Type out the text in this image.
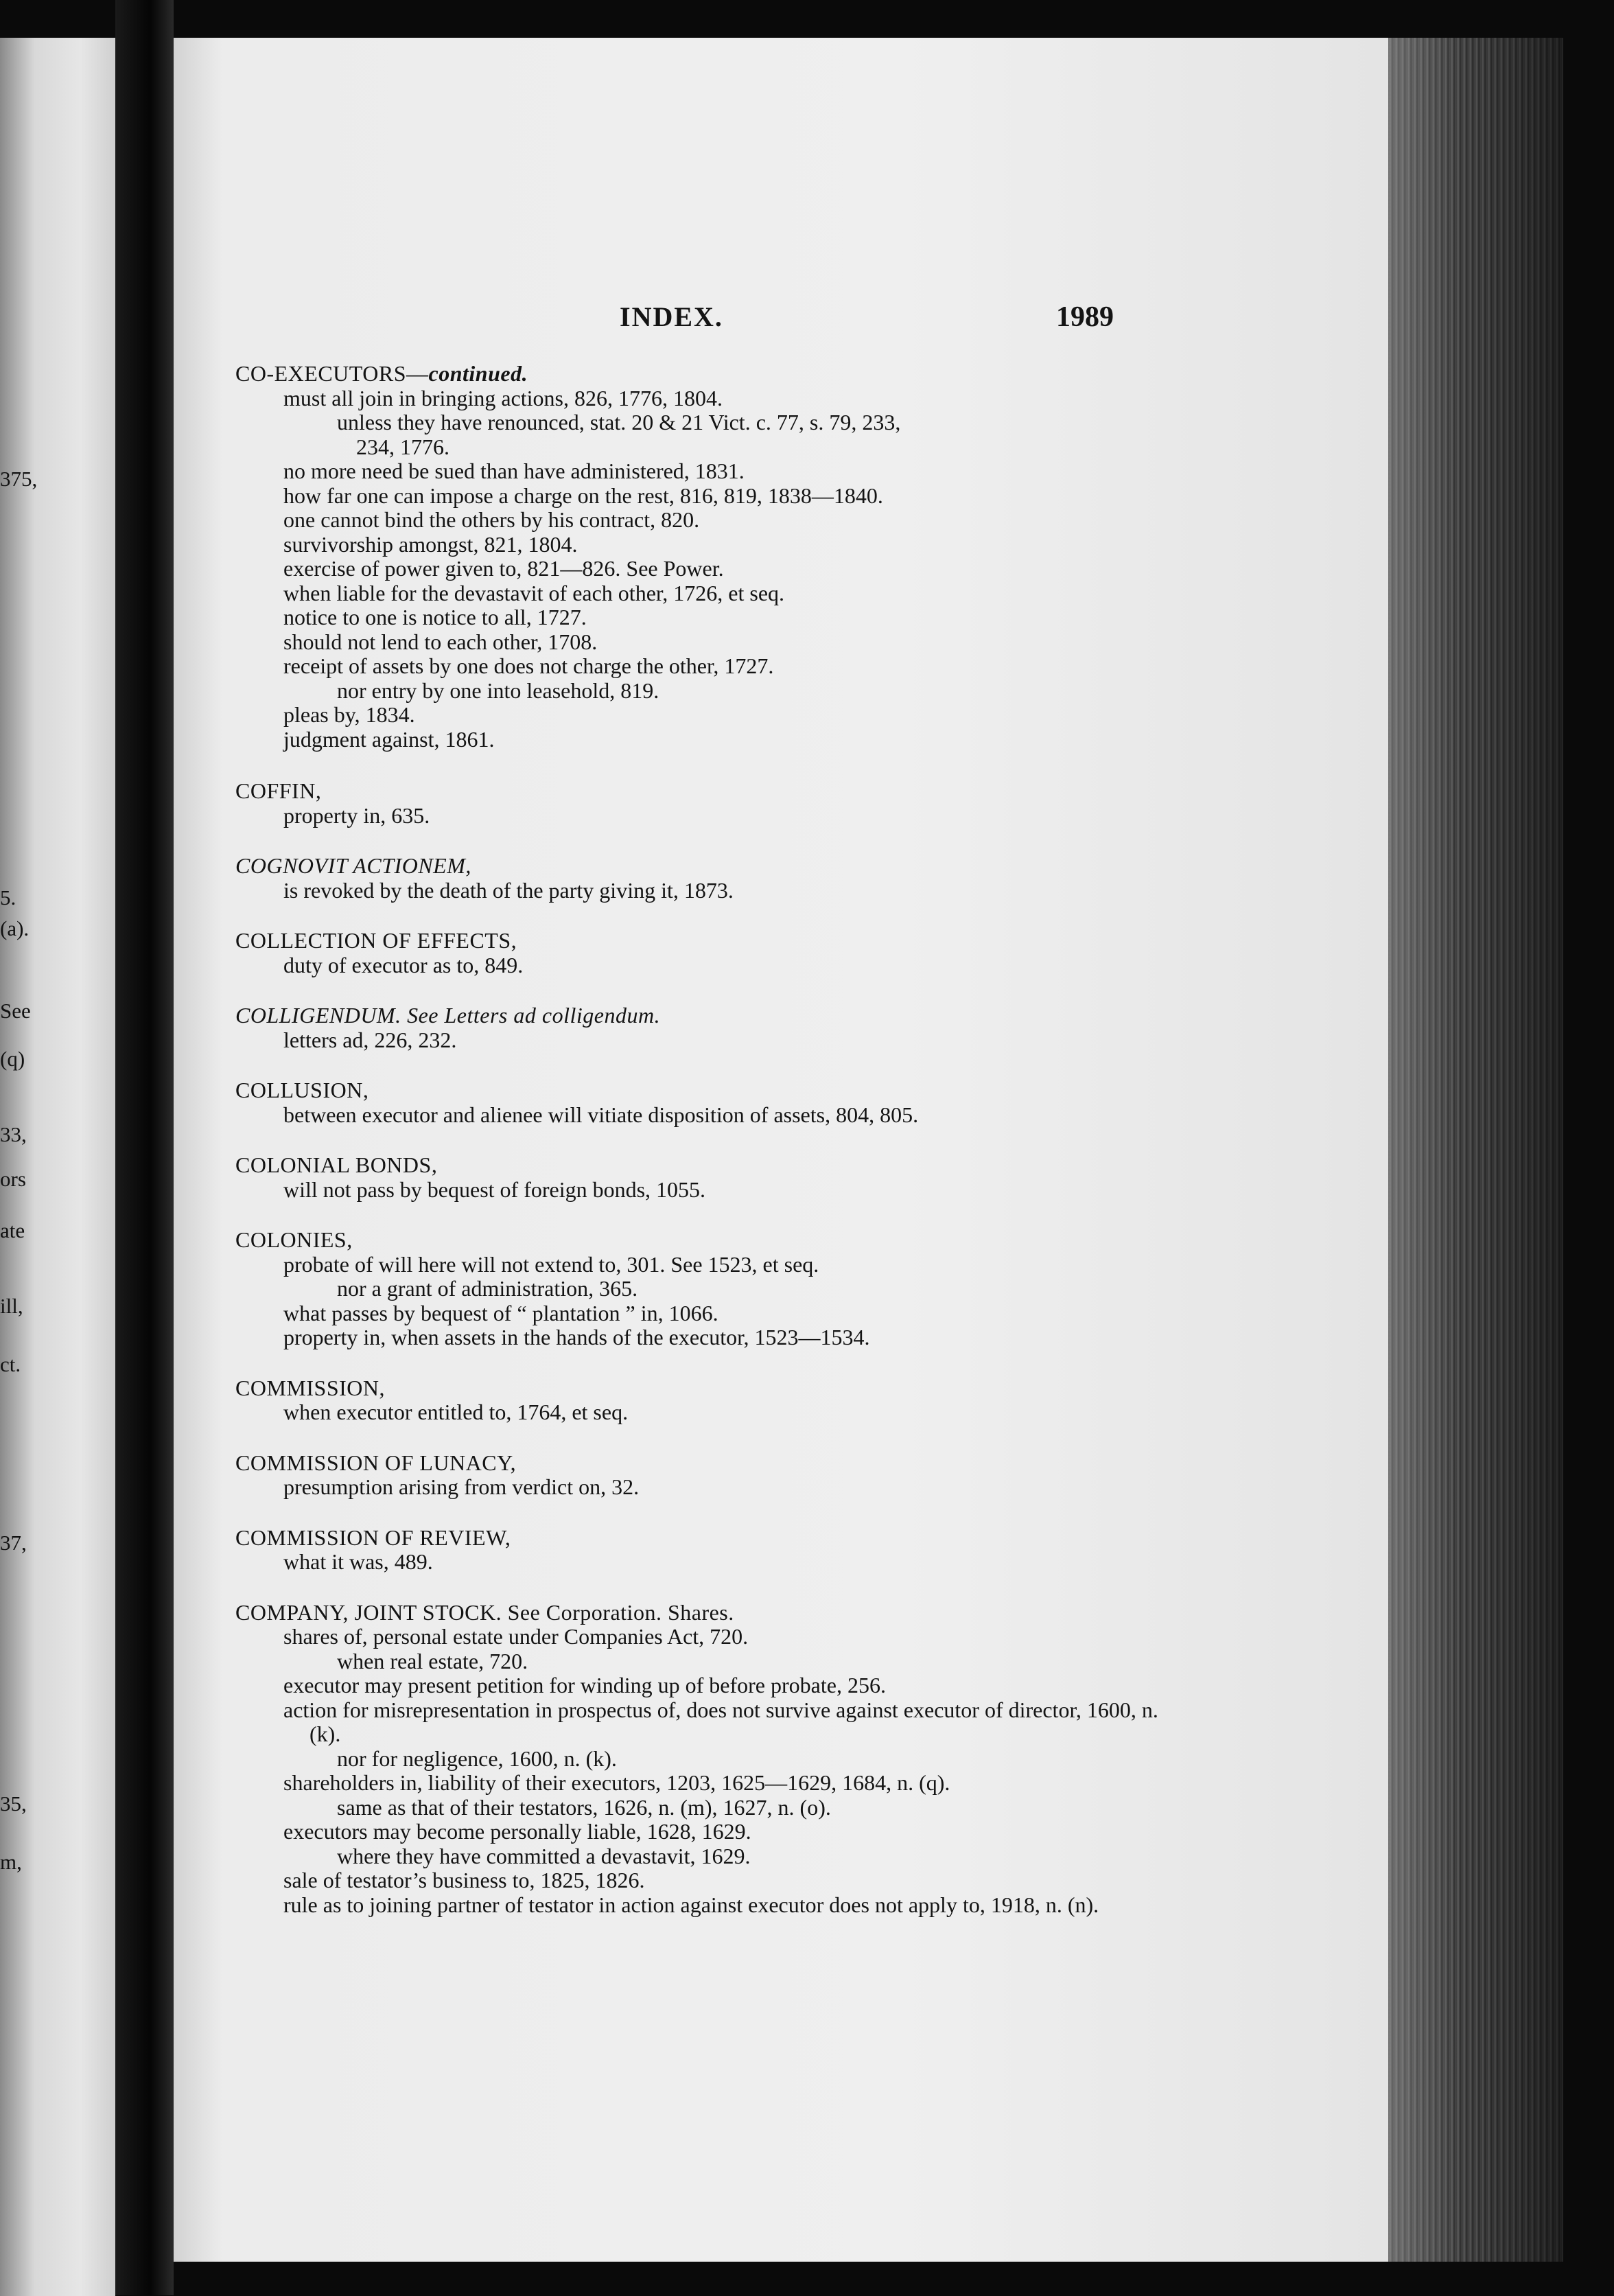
375,
5.
(a).
See
(q)
33,
ors
ate
ill,
ct.
37,
35,
m,
INDEX.	1989
CO-EXECUTORS—continued.
must all join in bringing actions, 826, 1776, 1804.
unless they have renounced, stat. 20 & 21 Vict. c. 77, s. 79, 233,
234, 1776.
no more need be sued than have administered, 1831.
how far one can impose a charge on the rest, 816, 819, 1838—1840.
one cannot bind the others by his contract, 820.
survivorship amongst, 821, 1804.
exercise of power given to, 821—826. See Power.
when liable for the devastavit of each other, 1726, et seq.
notice to one is notice to all, 1727.
should not lend to each other, 1708.
receipt of assets by one does not charge the other, 1727.
nor entry by one into leasehold, 819.
pleas by, 1834.
judgment against, 1861.
COFFIN,
property in, 635.
COGNOVIT ACTIONEM,
is revoked by the death of the party giving it, 1873.
COLLECTION OF EFFECTS,
duty of executor as to, 849.
COLLIGENDUM. See Letters ad colligendum.
letters ad, 226, 232.
COLLUSION,
between executor and alienee will vitiate disposition of assets, 804, 805.
COLONIAL BONDS,
will not pass by bequest of foreign bonds, 1055.
COLONIES,
probate of will here will not extend to, 301. See 1523, et seq.
nor a grant of administration, 365.
what passes by bequest of “ plantation ” in, 1066.
property in, when assets in the hands of the executor, 1523—1534.
COMMISSION,
when executor entitled to, 1764, et seq.
COMMISSION OF LUNACY,
presumption arising from verdict on, 32.
COMMISSION OF REVIEW,
what it was, 489.
COMPANY, JOINT STOCK. See Corporation. Shares.
shares of, personal estate under Companies Act, 720.
when real estate, 720.
executor may present petition for winding up of before probate, 256.
action for misrepresentation in prospectus of, does not survive against executor of director, 1600, n. (k).
nor for negligence, 1600, n. (k).
shareholders in, liability of their executors, 1203, 1625—1629, 1684, n. (q).
same as that of their testators, 1626, n. (m), 1627, n. (o).
executors may become personally liable, 1628, 1629.
where they have committed a devastavit, 1629.
sale of testator’s business to, 1825, 1826.
rule as to joining partner of testator in action against executor does not apply to, 1918, n. (n).
